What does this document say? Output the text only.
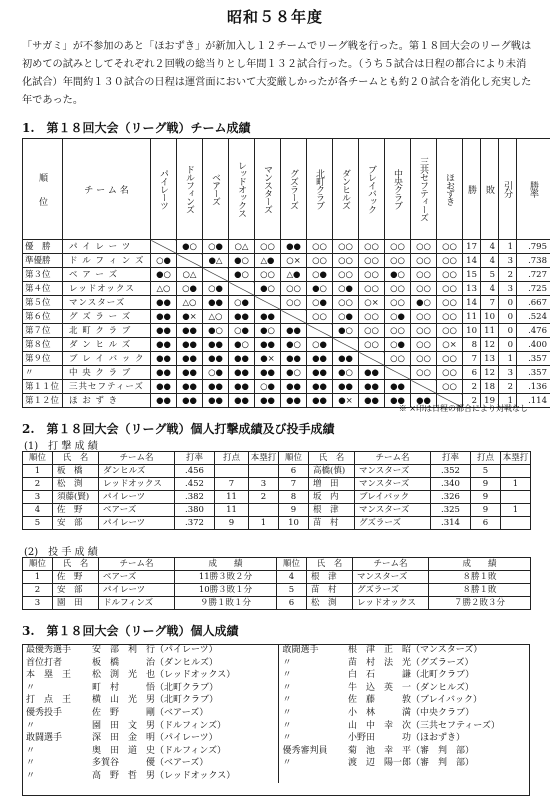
昭和５８年度
「サガミ」が不参加のあと「ほおずき」が新加入し１２チームでリーグ戦を行った。第１８回大会のリーグ戦は初めての試みとしてそれぞれ２回戦の総当りとし年間１３２試合行った。（うち５試合は日程の都合により未消化試合）年間約１３０試合の日程は運営面において大変厳しかったが各チームとも約２０試合を消化し充実した年であった。
1.　第１８回大会（リーグ戦）チーム成績
順　　位	チ ー ム 名	パイレーツ	ドルフィンズ	ベアーズ	レッドオックス	マンスターズ	グズラーズ	北町クラブ	ダンヒルズ	ブレイバック	中央クラブ	三共セフティーズ	ほおずき	勝	敗	引分	勝率

優　勝	パ イ レ ー ツ		●○	○●	○△	○○	●●	○○	○○	○○	○○	○○	○○	17	4	1	.795
準優勝	ド ル フ ィ ン ズ	○●		●△	●○	△●	○×	○○	○○	○○	○○	○○	○○	14	4	3	.738
第３位	ベ ア ー ズ	●○	○△		●○	○○	△●	○●	○○	○○	●○	○○	○○	15	5	2	.727
第４位	レッドオックス	△○	○●	○●		●○	○○	●○	○●	○○	○○	○○	○○	13	4	3	.725
第５位	マンスターズ	●●	△○	●●	○●		○○	○●	○○	○×	○○	●○	○○	14	7	0	.667
第６位	グ ズ ラ ー ズ	●●	●×	△○	●●	●●		○○	○●	○○	○●	○○	○○	11	10	0	.524
第７位	北 町 ク ラ ブ	●●	●●	●○	○●	●○	●●		●○	○○	○○	○○	○○	10	11	0	.476
第８位	ダ ン ヒ ル ズ	●●	●●	●●	●○	●●	●○	○●		○○	○●	○○	○×	8	12	0	.400
第９位	ブ レ イ バ ッ ク	●●	●●	●●	●●	●×	●●	●●	●●		○○	○○	○○	7	13	1	.357
〃	中 央 ク ラ ブ	●●	●●	○●	●●	●●	●○	●●	●○	●●		○○	○○	6	12	3	.357
第１１位	三共セフティーズ	●●	●●	●●	●●	○●	●●	●●	●●	●●	●●		○○	2	18	2	.136
第１２位	ほ お ず き	●●	●●	●●	●●	●●	●●	●●	●×	●●	●●	●●		2	19	1	.114
※ ×印は日程の都合により対戦なし
2.　第１８回大会（リーグ戦）個人打撃成績及び投手成績
(1)　打 撃 成 績
順位	氏　名	チーム名	打率	打点	本塁打	順位	氏　名	チーム名	打率	打点	本塁打
1	板　橋	ダンヒルズ	.456			6	高橋(慎)	マンスターズ	.352	5	
2	松　渕	レッドオックス	.452	7	3	7	増　田	マンスターズ	.340	9	1
3	須藤(賢)	パイレーツ	.382	11	2	8	坂　内	ブレイバック	.326	9	
4	佐　野	ベアーズ	.380	11		9	根　津	マンスターズ	.325	9	1
5	安　部	パイレーツ	.372	9	1	10	苗　村	グズラーズ	.314	6	
(2)　投 手 成 績
順位	氏　名	チーム名	成　　績	順位	氏　名	チーム名	成　　績
1	佐　野	ベアーズ	11勝３敗２分	4	根　津	マンスターズ	８勝１敗
2	安　部	パイレーツ	10勝３敗１分	5	苗　村	グズラーズ	８勝１敗
3	園　田	ドルフィンズ	９勝１敗１分	6	松　渕	レッドオックス	７勝２敗３分
3.　第１８回大会（リーグ戦）個人成績
最優秀選手	安　部　利　行（パイレーツ）	敢闘選手	根　津　正　昭（マンスターズ）
首位打者	板　橋　　　治（ダンヒルズ）	〃	苗　村　法　光（グズラーズ）
本　塁　王	松　渕　光　也（レッドオックス）	〃	白　石　　　謙（北町クラブ）
〃	町　村　　　悟（北町クラブ）	〃	牛　込　英　一（ダンヒルズ）
打　点　王	横　山　光　男（北町クラブ）	〃	佐　藤　　　敦（ブレイバック）
優秀投手	佐　野　　　剛（ベアーズ）	〃	小　林　　　満（中央クラブ）
〃	園　田　文　男（ドルフィンズ）	〃	山　中　幸　次（三共セフティーズ）
敢闘選手	深　田　金　明（パイレーツ）	〃	小野田　　　功（ほおずき）
〃	奥　田　道　史（ドルフィンズ）	優秀審判員	菊　池　幸　平（審　判　部）
〃	多賀谷　　　優（ベアーズ）	〃	渡　辺　陽一郎（審　判　部）
〃	高　野　哲　男（レッドオックス）		
